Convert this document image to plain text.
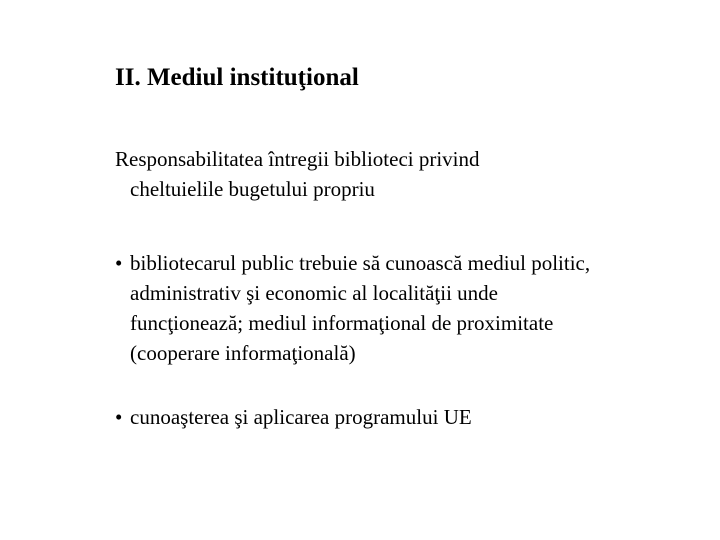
II. Mediul instituţional
Responsabilitatea întregii biblioteci privind
cheltuielile bugetului propriu
• bibliotecarul public trebuie să cunoască mediul politic,
administrativ şi economic al localităţii unde
funcţionează; mediul informaţional de proximitate
(cooperare informaţională)
• cunoaşterea şi aplicarea programului UE
